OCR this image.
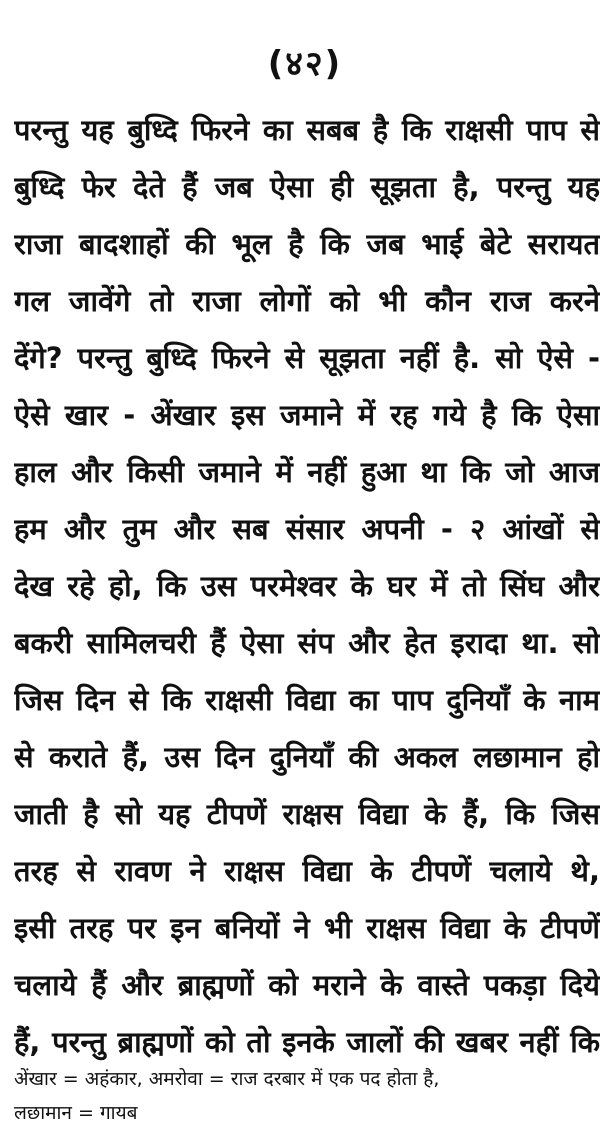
(४२)
परन्तु यह बुध्दि फिरने का सबब है कि राक्षसी पाप से
बुध्दि फेर देते हैं जब ऐसा ही सूझता है, परन्तु यह
राजा बादशाहों की भूल है कि जब भाई बेटे सरायत
गल जावेंगे तो राजा लोगों को भी कौन राज करने
देंगे? परन्तु बुध्दि फिरने से सूझता नहीं है. सो ऐसे -
ऐसे खार - अेंखार इस जमाने में रह गये है कि ऐसा
हाल और किसी जमाने में नहीं हुआ था कि जो आज
हम और तुम और सब संसार अपनी - २ आंखों से
देख रहे हो, कि उस परमेश्वर के घर में तो सिंघ और
बकरी सामिलचरी हैं ऐसा संप और हेत इरादा था. सो
जिस दिन से कि राक्षसी विद्या का पाप दुनियाँ के नाम
से कराते हैं, उस दिन दुनियाँ की अकल लछामान हो
जाती है सो यह टीपणें राक्षस विद्या के हैं, कि जिस
तरह से रावण ने राक्षस विद्या के टीपणें चलाये थे,
इसी तरह पर इन बनियों ने भी राक्षस विद्या के टीपणें
चलाये हैं और ब्राह्मणों को मराने के वास्ते पकड़ा दिये
हैं, परन्तु ब्राह्मणों को तो इनके जालों की खबर नहीं कि
अेंखार = अहंकार, अमरोवा = राज दरबार में एक पद होता है,
लछामान = गायब
